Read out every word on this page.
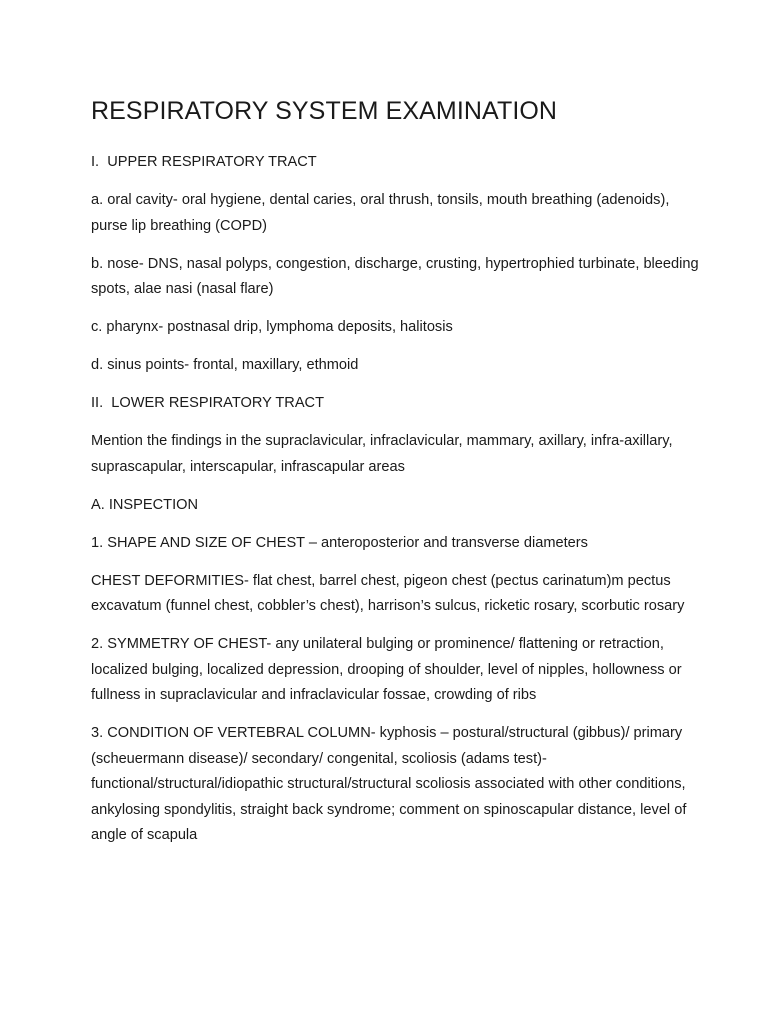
RESPIRATORY SYSTEM EXAMINATION

I.  UPPER RESPIRATORY TRACT

a. oral cavity- oral hygiene, dental caries, oral thrush, tonsils, mouth breathing (adenoids), purse lip breathing (COPD)

b. nose- DNS, nasal polyps, congestion, discharge, crusting, hypertrophied turbinate, bleeding spots, alae nasi (nasal flare)

c. pharynx- postnasal drip, lymphoma deposits, halitosis

d. sinus points- frontal, maxillary, ethmoid

II.  LOWER RESPIRATORY TRACT

Mention the findings in the supraclavicular, infraclavicular, mammary, axillary, infra-axillary, suprascapular, interscapular, infrascapular areas

A. INSPECTION

1. SHAPE AND SIZE OF CHEST – anteroposterior and transverse diameters

CHEST DEFORMITIES- flat chest, barrel chest, pigeon chest (pectus carinatum)m pectus excavatum (funnel chest, cobbler’s chest), harrison’s sulcus, ricketic rosary, scorbutic rosary

2. SYMMETRY OF CHEST- any unilateral bulging or prominence/ flattening or retraction, localized bulging, localized depression, drooping of shoulder, level of nipples, hollowness or fullness in supraclavicular and infraclavicular fossae, crowding of ribs

3. CONDITION OF VERTEBRAL COLUMN- kyphosis – postural/structural (gibbus)/ primary (scheuermann disease)/ secondary/ congenital, scoliosis (adams test)-functional/structural/idiopathic structural/structural scoliosis associated with other conditions, ankylosing spondylitis, straight back syndrome; comment on spinoscapular distance, level of angle of scapula
